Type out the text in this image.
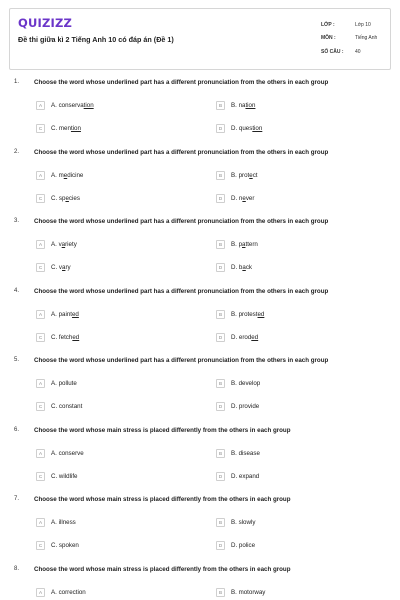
QUIZIZZ
Đề thi giữa kì 2 Tiếng Anh 10 có đáp án (Đề 1)
LỚP :	Lớp 10
MÔN :	Tiếng Anh
SỐ CÂU :	40
1. Choose the word whose underlined part has a different pronunciation from the others in each group
A	A. conservation	B	B. nation
C	C. mention	D	D. question
2. Choose the word whose underlined part has a different pronunciation from the others in each group
A	A. medicine	B	B. protect
C	C. species	D	D. never
3. Choose the word whose underlined part has a different pronunciation from the others in each group
A	A. variety	B	B. pattern
C	C. vary	D	D. back
4. Choose the word whose underlined part has a different pronunciation from the others in each group
A	A. painted	B	B. protested
C	C. fetched	D	D. eroded
5. Choose the word whose underlined part has a different pronunciation from the others in each group
A	A. pollute	B	B. develop
C	C. constant	D	D. provide
6. Choose the word whose main stress is placed differently from the others in each group
A	A. conserve	B	B. disease
C	C. wildlife	D	D. expand
7. Choose the word whose main stress is placed differently from the others in each group
A	A. illness	B	B. slowly
C	C. spoken	D	D. police
8. Choose the word whose main stress is placed differently from the others in each group
A	A. correction	B	B. motorway
